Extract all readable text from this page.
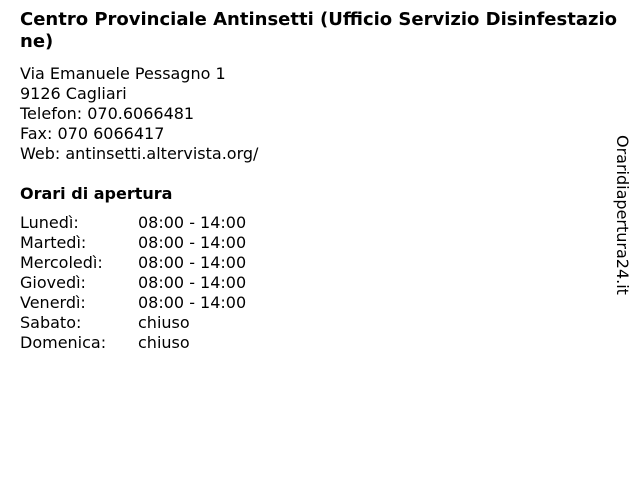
Centro Provinciale Antinsetti (Ufficio Servizio Disinfestazione)
Via Emanuele Pessagno 1
9126 Cagliari
Telefon: 070.6066481
Fax: 070 6066417
Web: antinsetti.altervista.org/
Orari di apertura
Lunedì:	08:00 - 14:00
Martedì:	08:00 - 14:00
Mercoledì:	08:00 - 14:00
Giovedì:	08:00 - 14:00
Venerdì:	08:00 - 14:00
Sabato:	chiuso
Domenica:	chiuso
Oraridiapertura24.it
